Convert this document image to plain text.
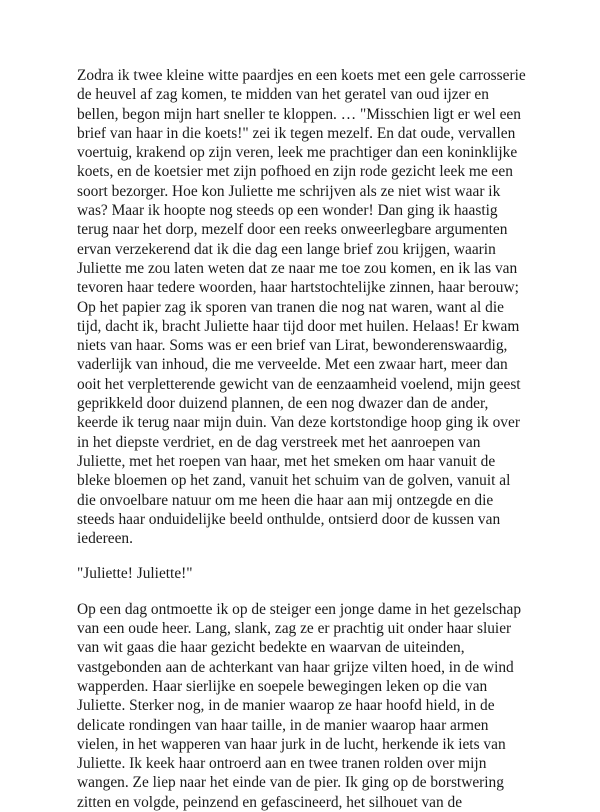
Zodra ik twee kleine witte paardjes en een koets met een gele carrosserie de heuvel af zag komen, te midden van het geratel van oud ijzer en bellen, begon mijn hart sneller te kloppen. … "Misschien ligt er wel een brief van haar in die koets!" zei ik tegen mezelf. En dat oude, vervallen voertuig, krakend op zijn veren, leek me prachtiger dan een koninklijke koets, en de koetsier met zijn pofhoed en zijn rode gezicht leek me een soort bezorger. Hoe kon Juliette me schrijven als ze niet wist waar ik was? Maar ik hoopte nog steeds op een wonder! Dan ging ik haastig terug naar het dorp, mezelf door een reeks onweerlegbare argumenten ervan verzekerend dat ik die dag een lange brief zou krijgen, waarin Juliette me zou laten weten dat ze naar me toe zou komen, en ik las van tevoren haar tedere woorden, haar hartstochtelijke zinnen, haar berouw; Op het papier zag ik sporen van tranen die nog nat waren, want al die tijd, dacht ik, bracht Juliette haar tijd door met huilen. Helaas! Er kwam niets van haar. Soms was er een brief van Lirat, bewonderenswaardig, vaderlijk van inhoud, die me verveelde. Met een zwaar hart, meer dan ooit het verpletterende gewicht van de eenzaamheid voelend, mijn geest geprikkeld door duizend plannen, de een nog dwazer dan de ander, keerde ik terug naar mijn duin. Van deze kortstondige hoop ging ik over in het diepste verdriet, en de dag verstreek met het aanroepen van Juliette, met het roepen van haar, met het smeken om haar vanuit de bleke bloemen op het zand, vanuit het schuim van de golven, vanuit al die onvoelbare natuur om me heen die haar aan mij ontzegde en die steeds haar onduidelijke beeld onthulde, ontsierd door de kussen van iedereen.

"Juliette! Juliette!"

Op een dag ontmoette ik op de steiger een jonge dame in het gezelschap van een oude heer. Lang, slank, zag ze er prachtig uit onder haar sluier van wit gaas die haar gezicht bedekte en waarvan de uiteinden, vastgebonden aan de achterkant van haar grijze vilten hoed, in de wind wapperden. Haar sierlijke en soepele bewegingen leken op die van Juliette. Sterker nog, in de manier waarop ze haar hoofd hield, in de delicate rondingen van haar taille, in de manier waarop haar armen vielen, in het wapperen van haar jurk in de lucht, herkende ik iets van Juliette. Ik keek haar ontroerd aan en twee tranen rolden over mijn wangen. Ze liep naar het einde van de pier. Ik ging op de borstwering zitten en volgde, peinzend en gefascineerd, het silhouet van de
